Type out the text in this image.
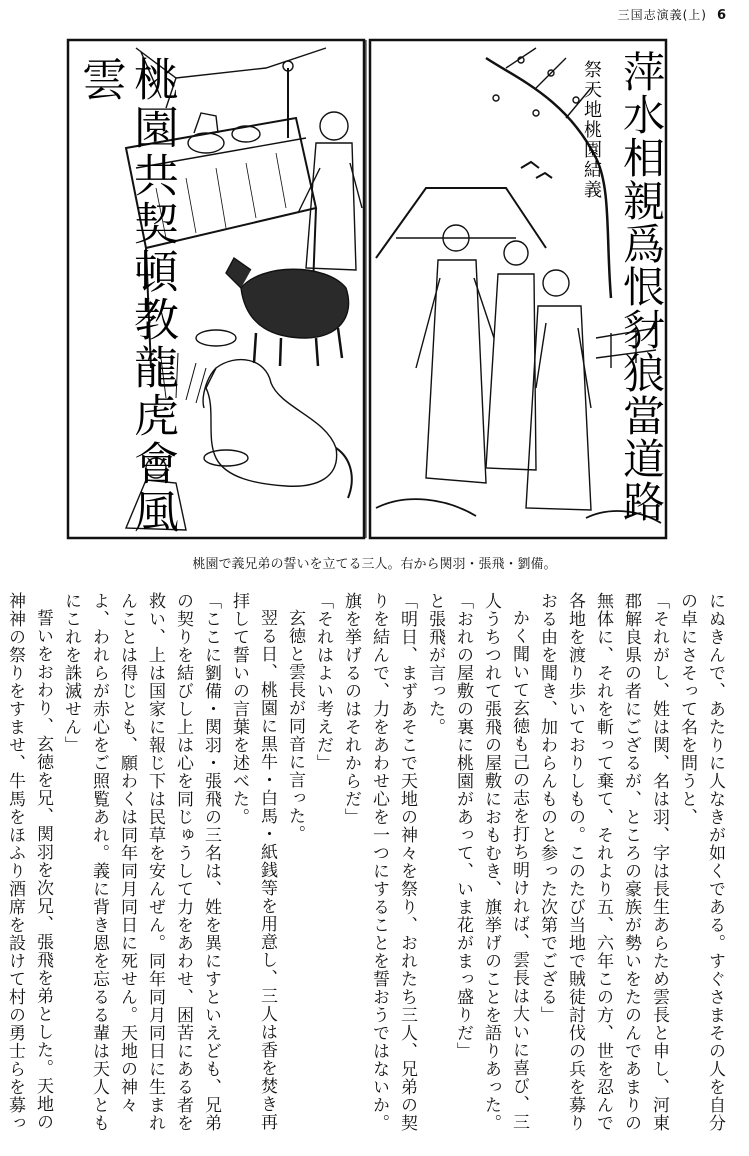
三国志演義(上) 6
桃園共契頓教龍虎會風雲	祭天地桃園結義 萍水相親爲恨豺狼當道路
桃園で義兄弟の誓いを立てる三人。右から関羽・張飛・劉備。

にぬきんで、あたりに人なきが如くである。すぐさまその人を自分の卓にさそって名を問うと、

「それがし、姓は関、名は羽、字は長生あらため雲長と申し、河東郡解良県の者にござるが、ところの豪族が勢いをたのんであまりの無体に、それを斬って棄て、それより五、六年この方、世を忍んで各地を渡り歩いておりしもの。このたび当地で賊徒討伐の兵を募りおる由を聞き、加わらんものと参った次第でござる」

かく聞いて玄徳も己の志を打ち明ければ、雲長は大いに喜び、三人うちつれて張飛の屋敷におもむき、旗挙げのことを語りあった。

「おれの屋敷の裏に桃園があって、いま花がまっ盛りだ」

と張飛が言った。

「明日、まずあそこで天地の神々を祭り、おれたち三人、兄弟の契りを結んで、力をあわせ心を一つにすることを誓おうではないか。旗を挙げるのはそれからだ」

「それはよい考えだ」

玄徳と雲長が同音に言った。

翌る日、桃園に黒牛・白馬・紙銭等を用意し、三人は香を焚き再拝して誓いの言葉を述べた。

「ここに劉備・関羽・張飛の三名は、姓を異にすといえども、兄弟の契りを結びし上は心を同じゅうして力をあわせ、困苦にある者を救い、上は国家に報じ下は民草を安んぜん。同年同月同日に生まれんことは得じとも、願わくは同年同月同日に死せん。天地の神々よ、われらが赤心をご照覧あれ。義に背き恩を忘るる輩は天人ともにこれを誅滅せん」

誓いをおわり、玄徳を兄、関羽を次兄、張飛を弟とした。天地の神神の祭りをすませ、牛馬をほふり酒席を設けて村の勇士らを募っ
